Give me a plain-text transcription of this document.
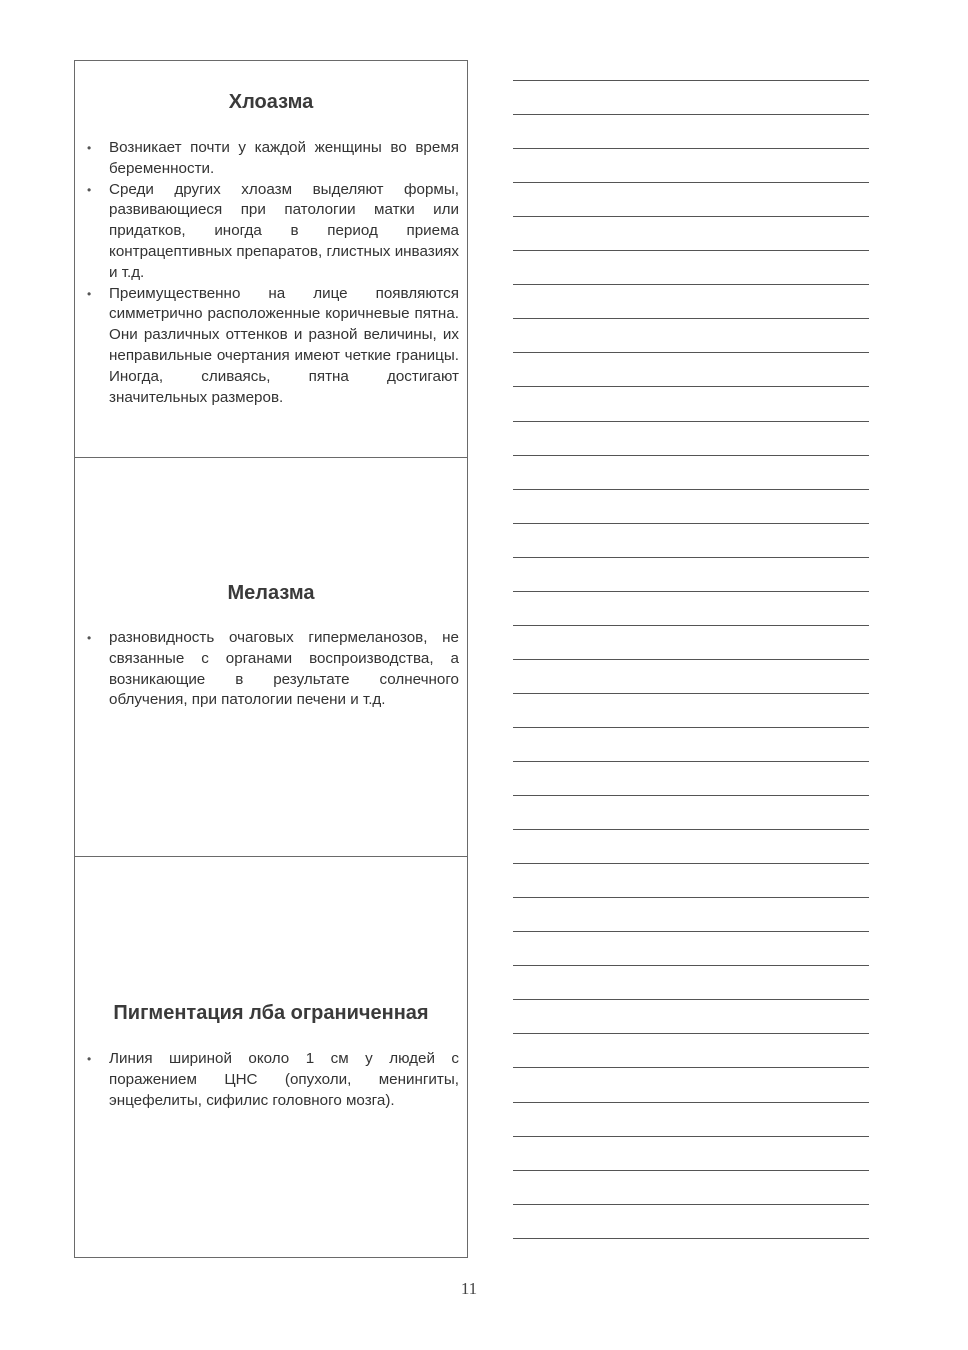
Хлоазма
• Возникает почти у каждой женщины во время беременности.
• Среди других хлоазм выделяют формы, развивающиеся при патологии матки или придатков, иногда в период приема контрацептивных препаратов, глистных инвазиях и т.д.
• Преимущественно на лице появляются симметрично расположенные коричневые пятна. Они различных оттенков и разной величины, их неправильные очертания имеют четкие границы. Иногда, сливаясь, пятна достигают значительных размеров.
Мелазма
• разновидность очаговых гипермеланозов, не связанные с органами воспроизводства, а возникающие в результате солнечного облучения, при патологии печени и т.д.
Пигментация лба ограниченная
• Линия шириной около 1 см у людей с поражением ЦНС (опухоли, менингиты, энцефелиты, сифилис головного мозга).
11
